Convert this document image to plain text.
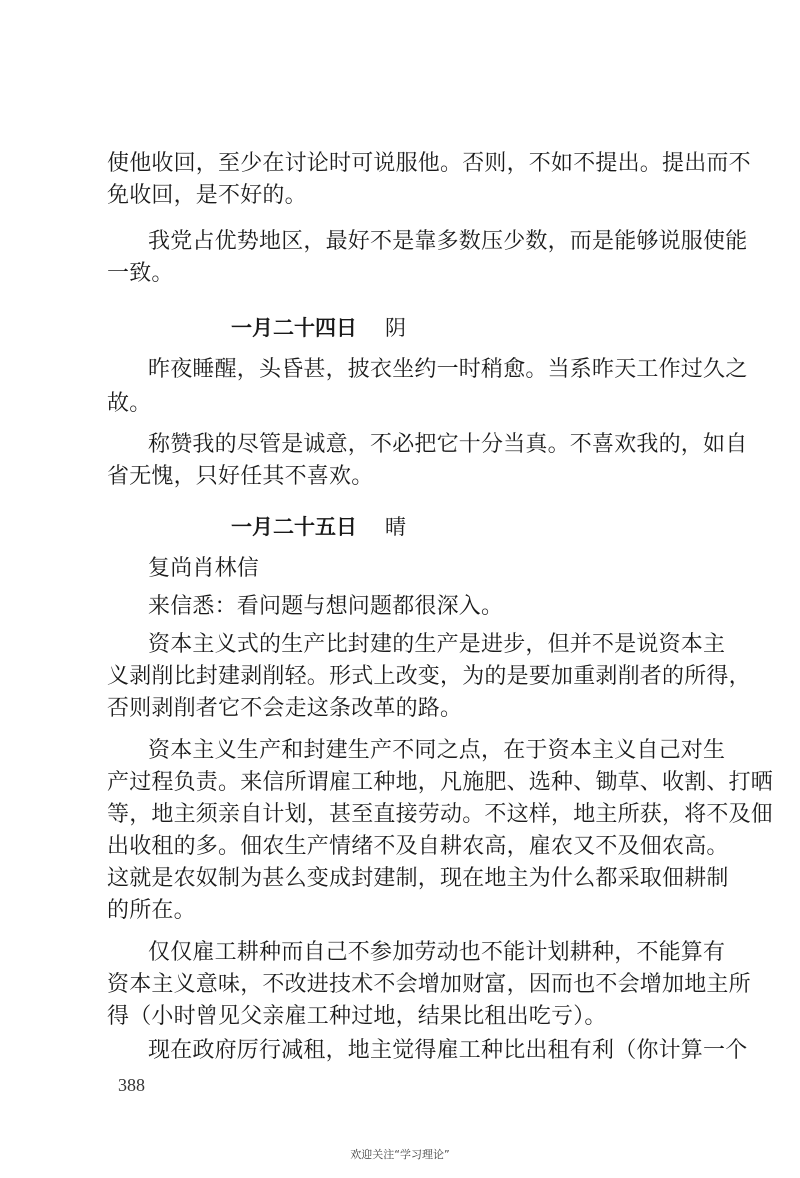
使他收回，至少在讨论时可说服他。否则，不如不提出。提出而不
免收回，是不好的。
我党占优势地区，最好不是靠多数压少数，而是能够说服使能
一致。
一月二十四日 阴
昨夜睡醒，头昏甚，披衣坐约一时稍愈。当系昨天工作过久之
故。
称赞我的尽管是诚意，不必把它十分当真。不喜欢我的，如自
省无愧，只好任其不喜欢。
一月二十五日 晴
复尚肖林信
来信悉：看问题与想问题都很深入。
资本主义式的生产比封建的生产是进步，但并不是说资本主
义剥削比封建剥削轻。形式上改变，为的是要加重剥削者的所得，
否则剥削者它不会走这条改革的路。
资本主义生产和封建生产不同之点，在于资本主义自己对生
产过程负责。来信所谓雇工种地，凡施肥、选种、锄草、收割、打晒
等，地主须亲自计划，甚至直接劳动。不这样，地主所获，将不及佃
出收租的多。佃农生产情绪不及自耕农高，雇农又不及佃农高。
这就是农奴制为甚么变成封建制，现在地主为什么都采取佃耕制
的所在。
仅仅雇工耕种而自己不参加劳动也不能计划耕种，不能算有
资本主义意味，不改进技术不会增加财富，因而也不会增加地主所
得（小时曾见父亲雇工种过地，结果比租出吃亏）。
现在政府厉行减租，地主觉得雇工种比出租有利（你计算一个
388
欢迎关注“学习理论”
